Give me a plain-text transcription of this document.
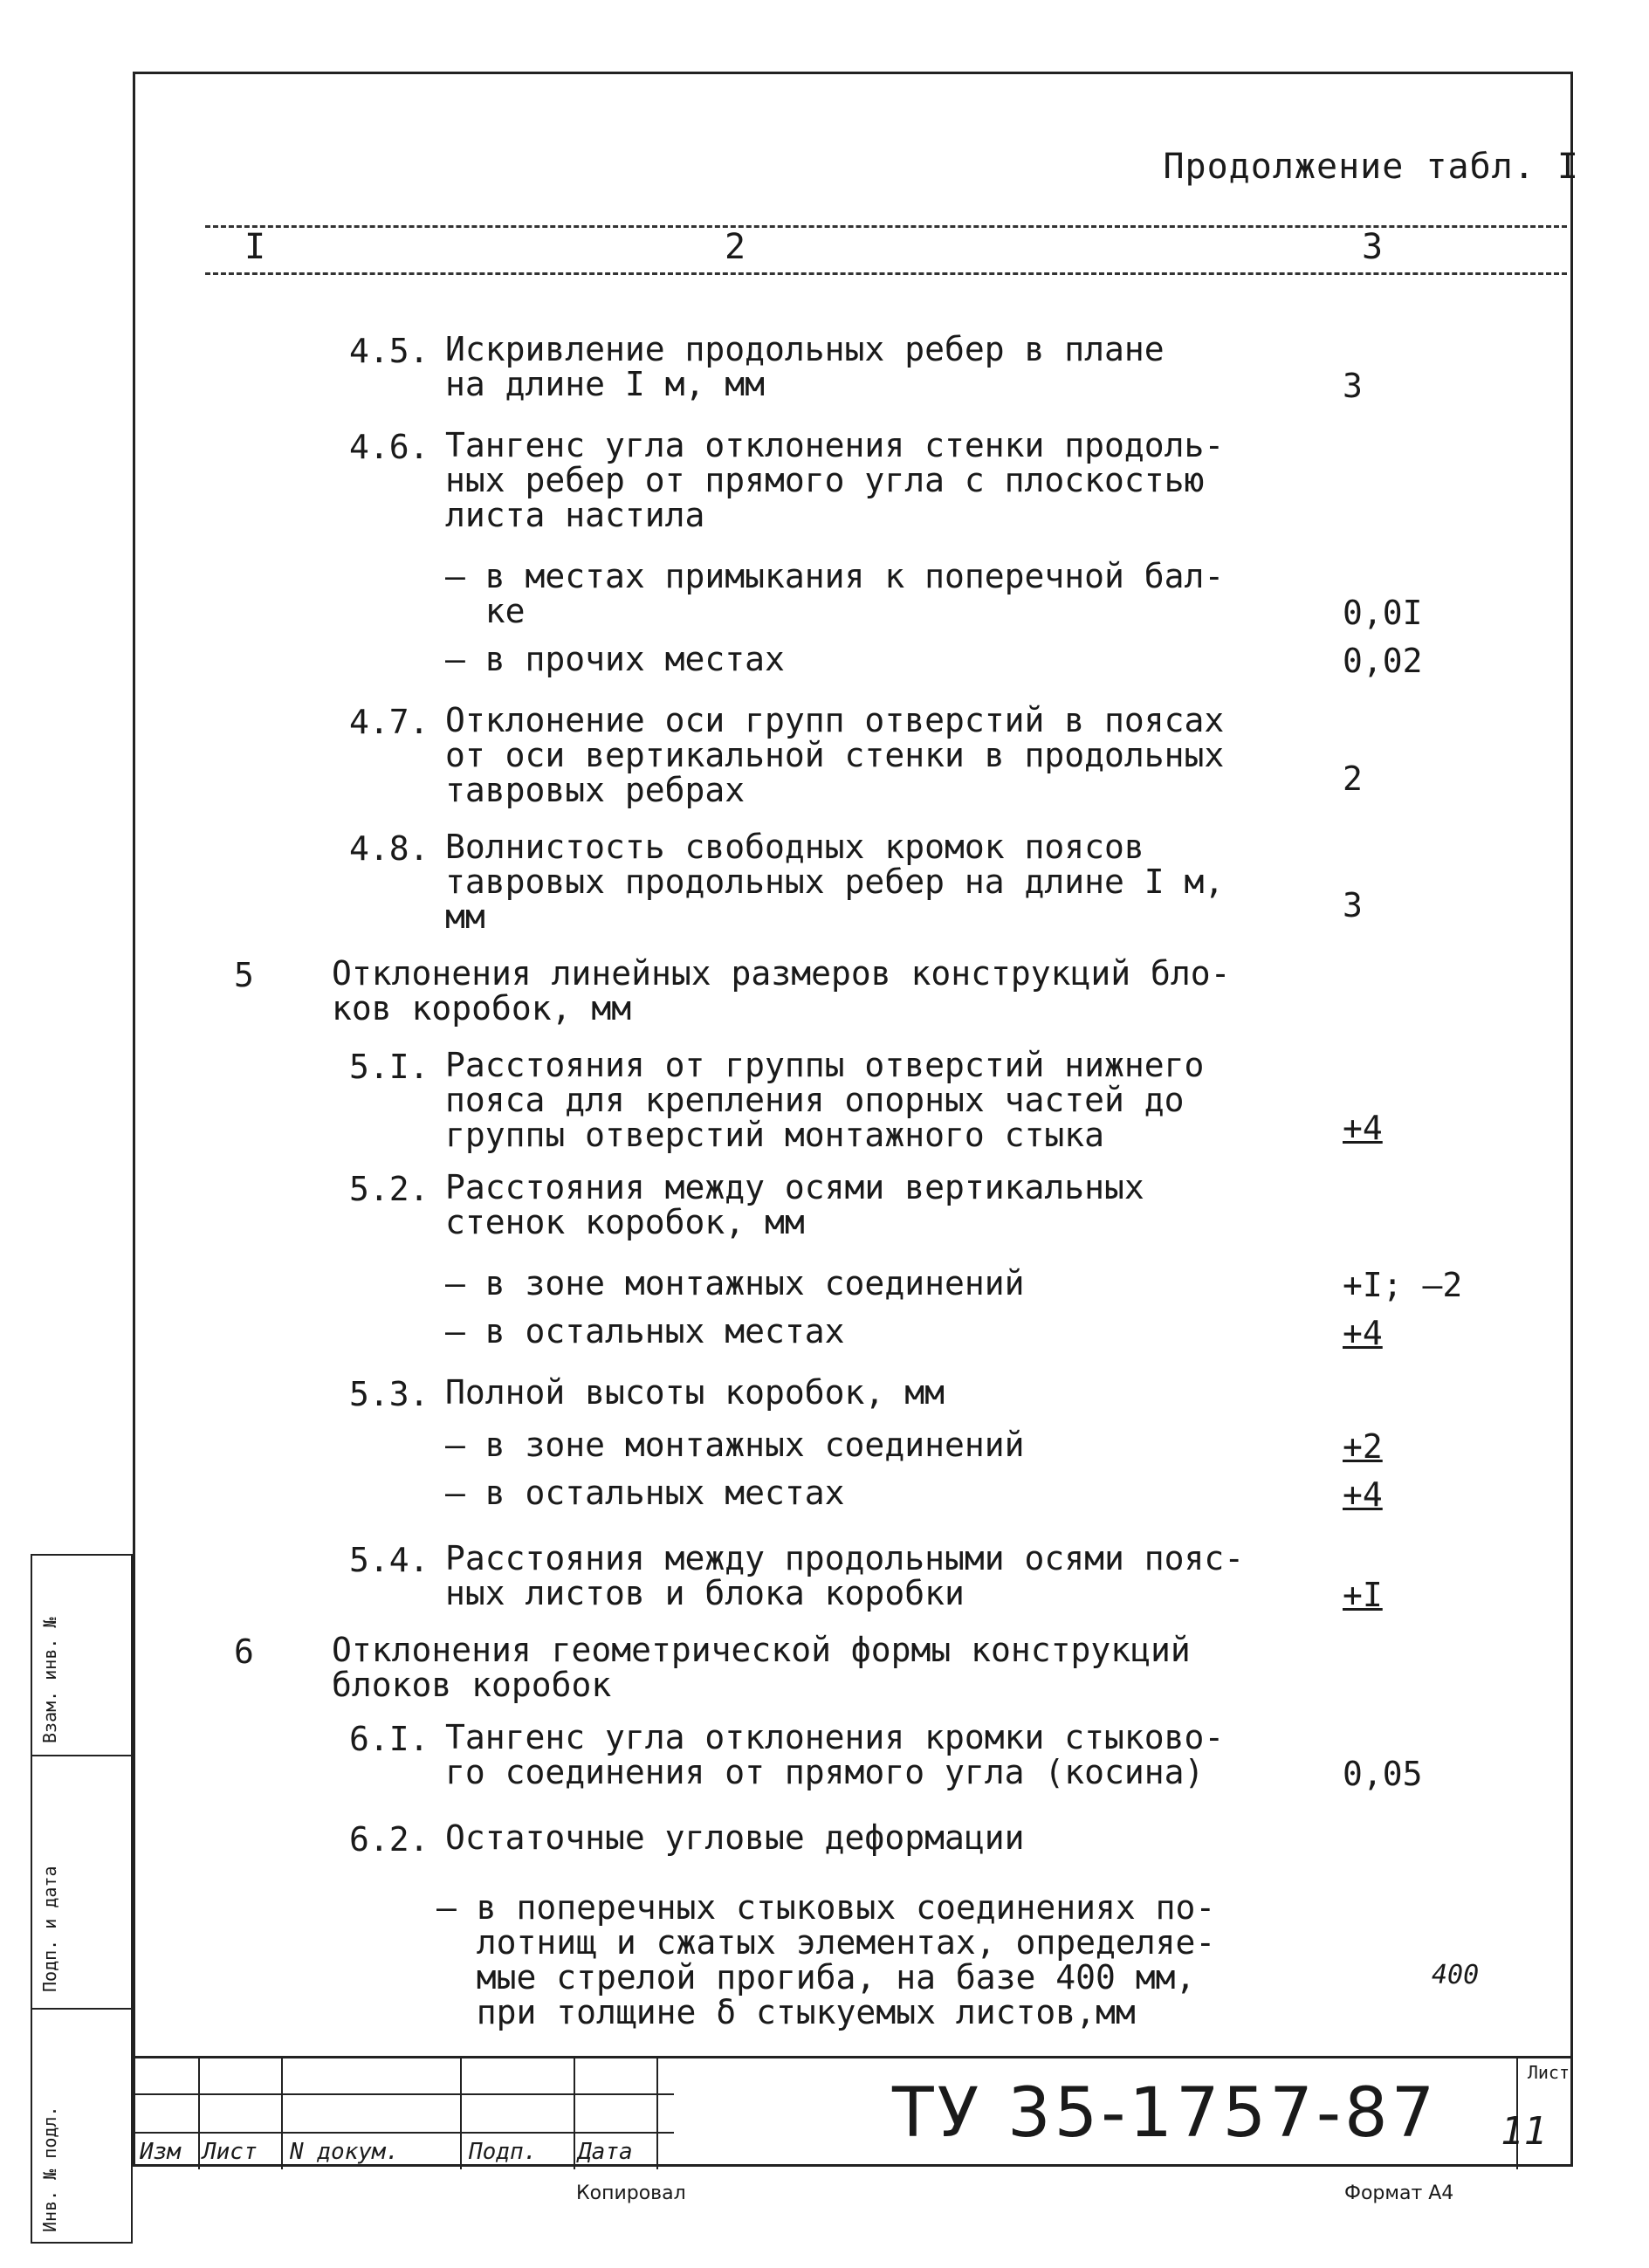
Продолжение табл. I
I	2	3
4.5. Искривление продольных ребер в плане
на длине I м, мм	3
4.6. Тангенс угла отклонения стенки продоль-
ных ребер от прямого угла с плоскостью
листа настила
– в местах примыкания к поперечной бал-
ке	0,0I
– в прочих местах	0,02
4.7. Отклонение оси групп отверстий в поясах
от оси вертикальной стенки в продольных
тавровых ребрах	2
4.8. Волнистость свободных кромок поясов
тавровых продольных ребер на длине I м,
мм	3
5 Отклонения линейных размеров конструкций бло-
ков коробок, мм
5.I. Расстояния от группы отверстий нижнего
пояса для крепления опорных частей до
группы отверстий монтажного стыка	+4
5.2. Расстояния между осями вертикальных
стенок коробок, мм
– в зоне монтажных соединений	+I; –2
– в остальных местах	+4
5.3. Полной высоты коробок, мм
– в зоне монтажных соединений	+2
– в остальных местах	+4
5.4. Расстояния между продольными осями пояс-
ных листов и блока коробки	+I
6 Отклонения геометрической формы конструкций
блоков коробок
6.I. Тангенс угла отклонения кромки стыково-
го соединения от прямого угла (косина)	0,05
6.2. Остаточные угловые деформации
– в поперечных стыковых соединениях по-
лотнищ и сжатых элементах, определяе-
мые стрелой прогиба, на базе 400 мм,
при толщине δ стыкуемых листов,мм
400
Взам. инв. №
Подп. и дата
Инв. № подл.	Изм Лист N докум.	Подп. Дата	ТУ 35-1757-87
Лист
11
Копировал	Формат А4
